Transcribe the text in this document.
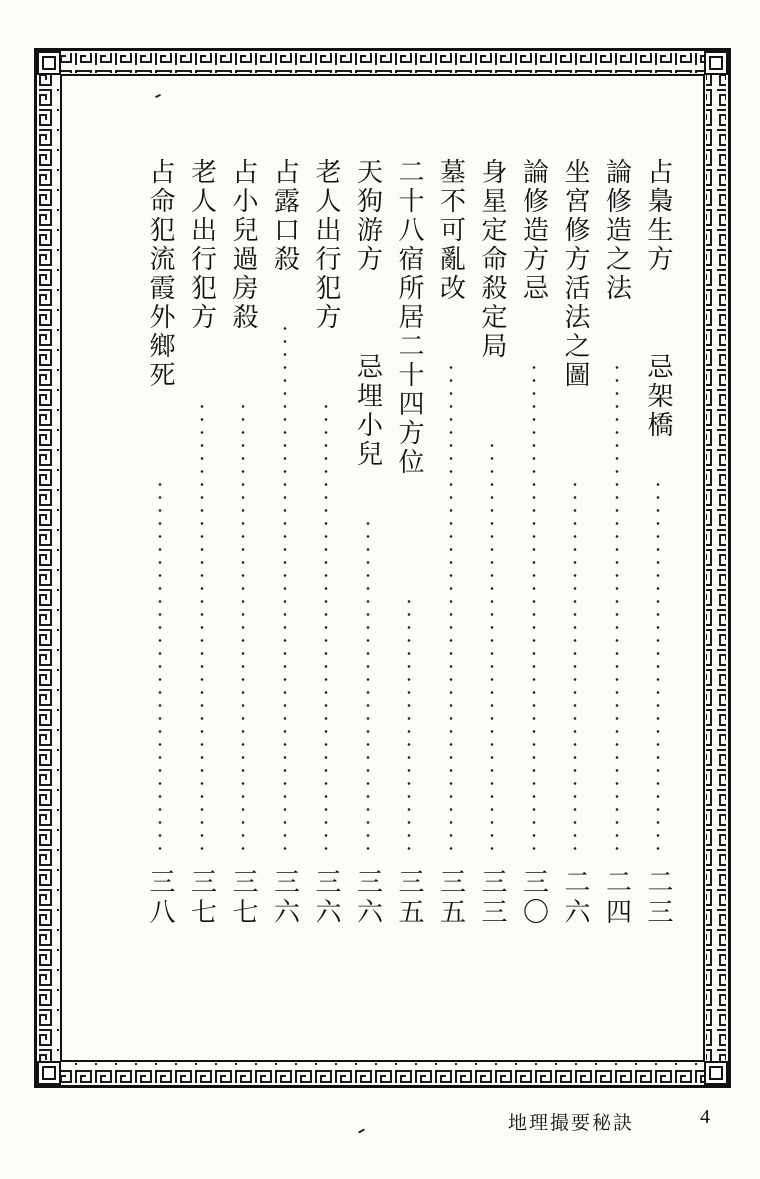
占梟生方
忌架橋
二三
論修造之法
二四
坐宮修方活法之圖
二六
論修造方忌
三〇
身星定命殺定局
三三
墓不可亂改
三五
二十八宿所居二十四方位
三五
天狗游方
忌埋小兒
三六
老人出行犯方
三六
占露口殺
三六
占小兒過房殺
三七
老人出行犯方
三七
占命犯流霞外鄉死
三八
地理撮要秘訣	4
